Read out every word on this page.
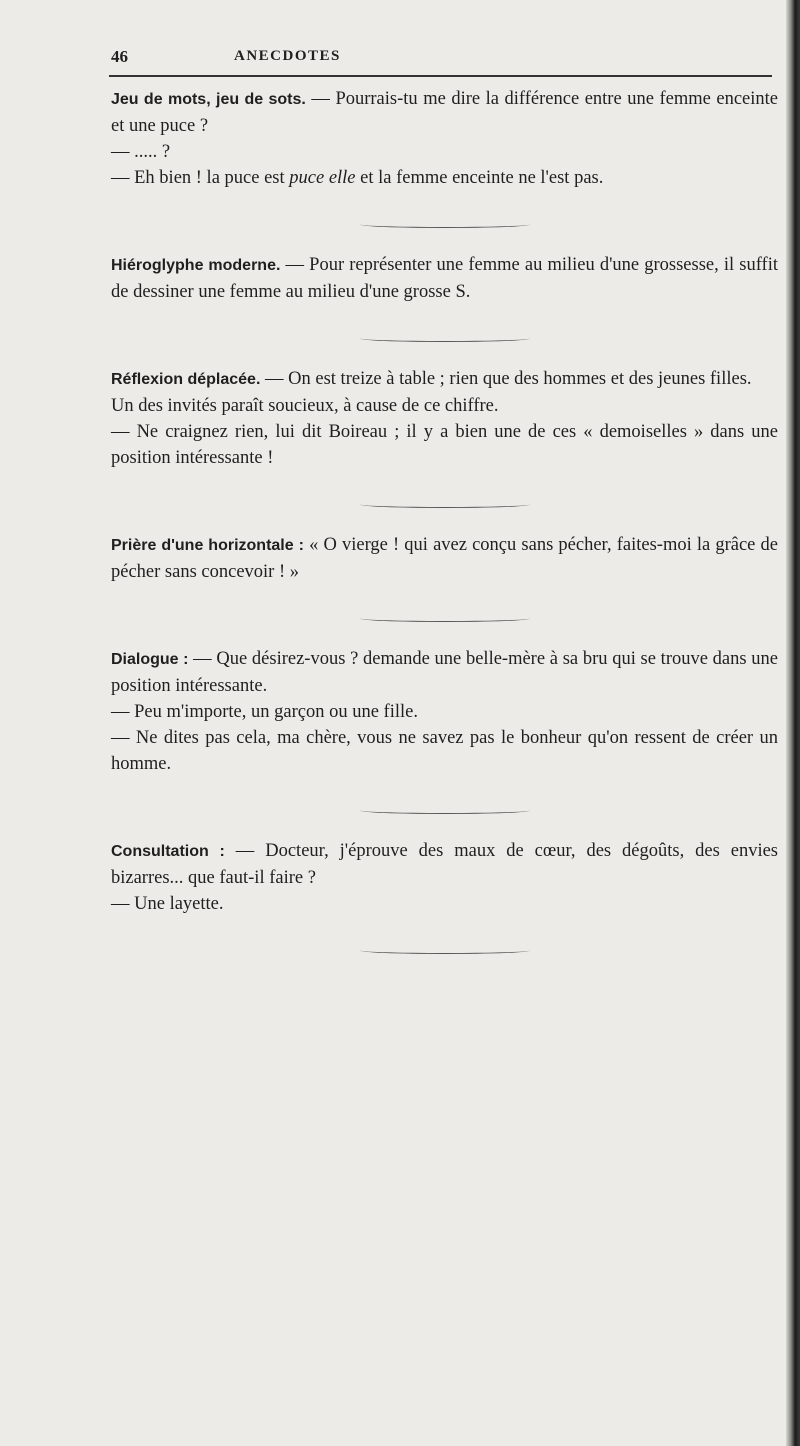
46	ANECDOTES

Jeu de mots, jeu de sots. — Pourrais-tu me dire la différence entre une femme enceinte et une puce ?

— ..... ?

— Eh bien ! la puce est puce elle et la femme enceinte ne l'est pas.

Hiéroglyphe moderne. — Pour représenter une femme au milieu d'une grossesse, il suffit de dessiner une femme au milieu d'une grosse S.

Réflexion déplacée. — On est treize à table ; rien que des hommes et des jeunes filles.

Un des invités paraît soucieux, à cause de ce chiffre.

— Ne craignez rien, lui dit Boireau ; il y a bien une de ces « demoiselles » dans une position intéressante !

Prière d'une horizontale : « O vierge ! qui avez conçu sans pécher, faites-moi la grâce de pécher sans concevoir ! »

Dialogue : — Que désirez-vous ? demande une belle-mère à sa bru qui se trouve dans une position intéressante.

— Peu m'importe, un garçon ou une fille.

— Ne dites pas cela, ma chère, vous ne savez pas le bonheur qu'on ressent de créer un homme.

Consultation : — Docteur, j'éprouve des maux de cœur, des dégoûts, des envies bizarres... que faut-il faire ?

— Une layette.
